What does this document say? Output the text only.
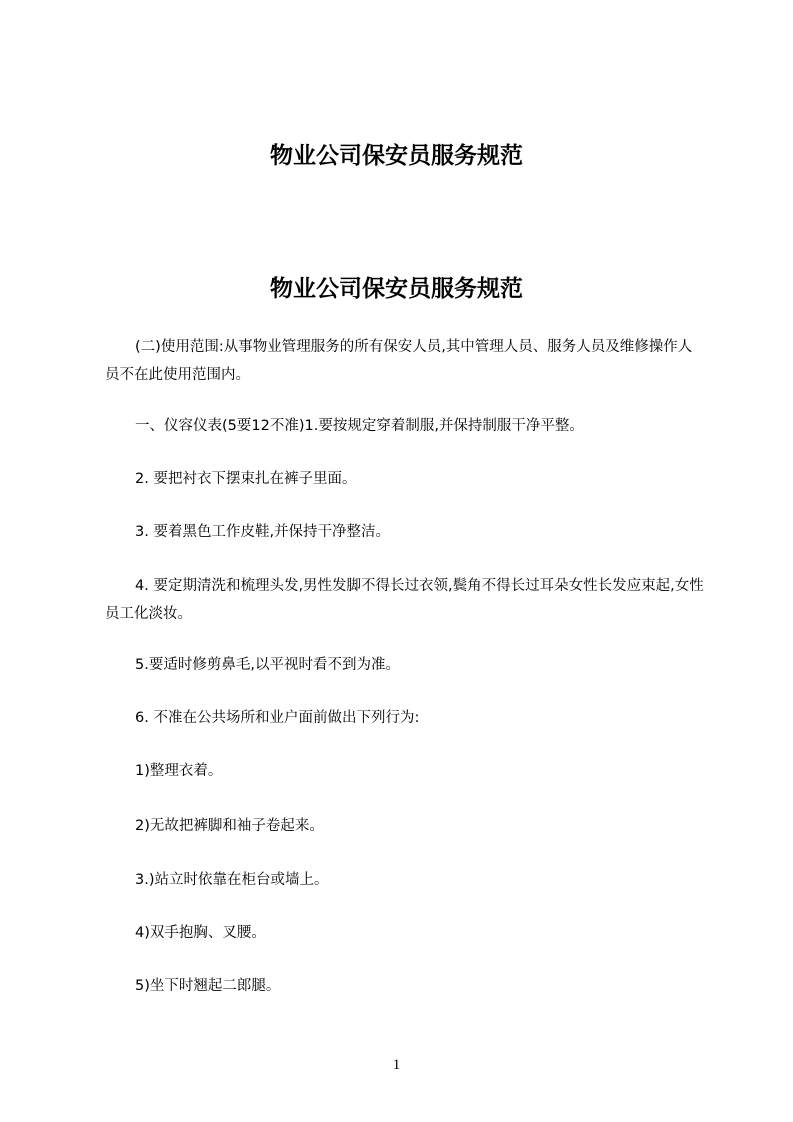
物业公司保安员服务规范
物业公司保安员服务规范

(二)使用范围:从事物业管理服务的所有保安人员,其中管理人员、服务人员及维修操作人员不在此使用范围内。

一、仪容仪表(5要12不准)1.要按规定穿着制服,并保持制服干净平整。

2. 要把衬衣下摆束扎在裤子里面。

3. 要着黑色工作皮鞋,并保持干净整洁。

4. 要定期清洗和梳理头发,男性发脚不得长过衣领,鬓角不得长过耳朵女性长发应束起,女性员工化淡妆。

5.要适时修剪鼻毛,以平视时看不到为准。

6. 不准在公共场所和业户面前做出下列行为:

1)整理衣着。

2)无故把裤脚和袖子卷起来。

3.)站立时依靠在柜台或墙上。

4)双手抱胸、叉腰。

5)坐下时翘起二郎腿。

1
